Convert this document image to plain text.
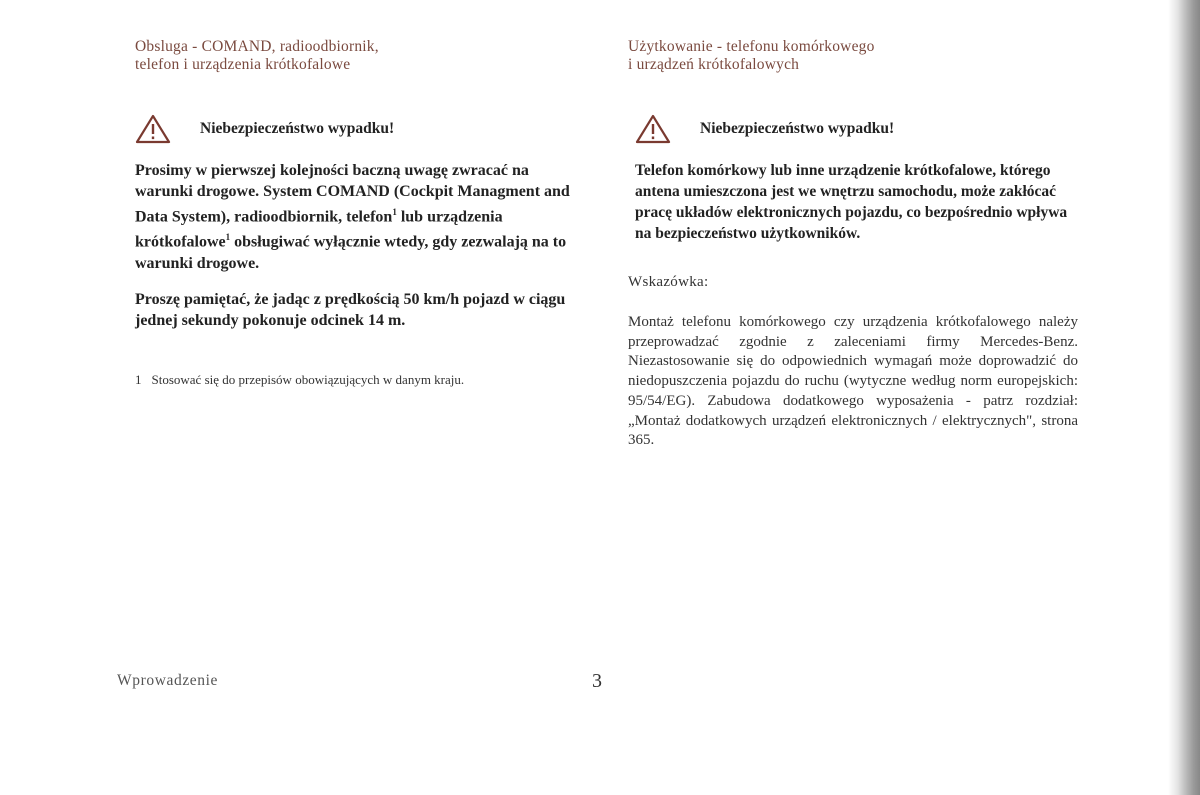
Obsluga - COMAND, radioodbiornik,
telefon i urządzenia krótkofalowe
Niebezpieczeństwo wypadku!

Prosimy w pierwszej kolejności baczną uwagę zwracać na warunki drogowe. System COMAND (Cockpit Managment and Data System), radioodbiornik, telefon$^1$ lub urządzenia krótkofalowe$^1$ obsługiwać wyłącznie wtedy, gdy zezwalają na to warunki drogowe.

Proszę pamiętać, że jadąc z prędkością 50 km/h pojazd w ciągu jednej sekundy pokonuje odcinek 14 m.

1 Stosować się do przepisów obowiązujących w danym kraju.
Wprowadzenie	3
Użytkowanie - telefonu komórkowego
i urządzeń krótkofalowych
Niebezpieczeństwo wypadku!

Telefon komórkowy lub inne urządzenie krótkofalowe, którego antena umieszczona jest we wnętrzu samochodu, może zakłócać pracę układów elektronicznych pojazdu, co bezpośrednio wpływa na bezpieczeństwo użytkowników.

Wskazówka:

Montaż telefonu komórkowego czy urządzenia krótkofalowego należy przeprowadzać zgodnie z zaleceniami firmy Mercedes-Benz. Niezastosowanie się do odpowiednich wymagań może doprowadzić do niedopuszczenia pojazdu do ruchu (wytyczne według norm europejskich: 95/54/EG). Zabudowa dodatkowego wyposażenia - patrz rozdział: „Montaż dodatkowych urządzeń elektronicznych / elektrycznych", strona 365.
